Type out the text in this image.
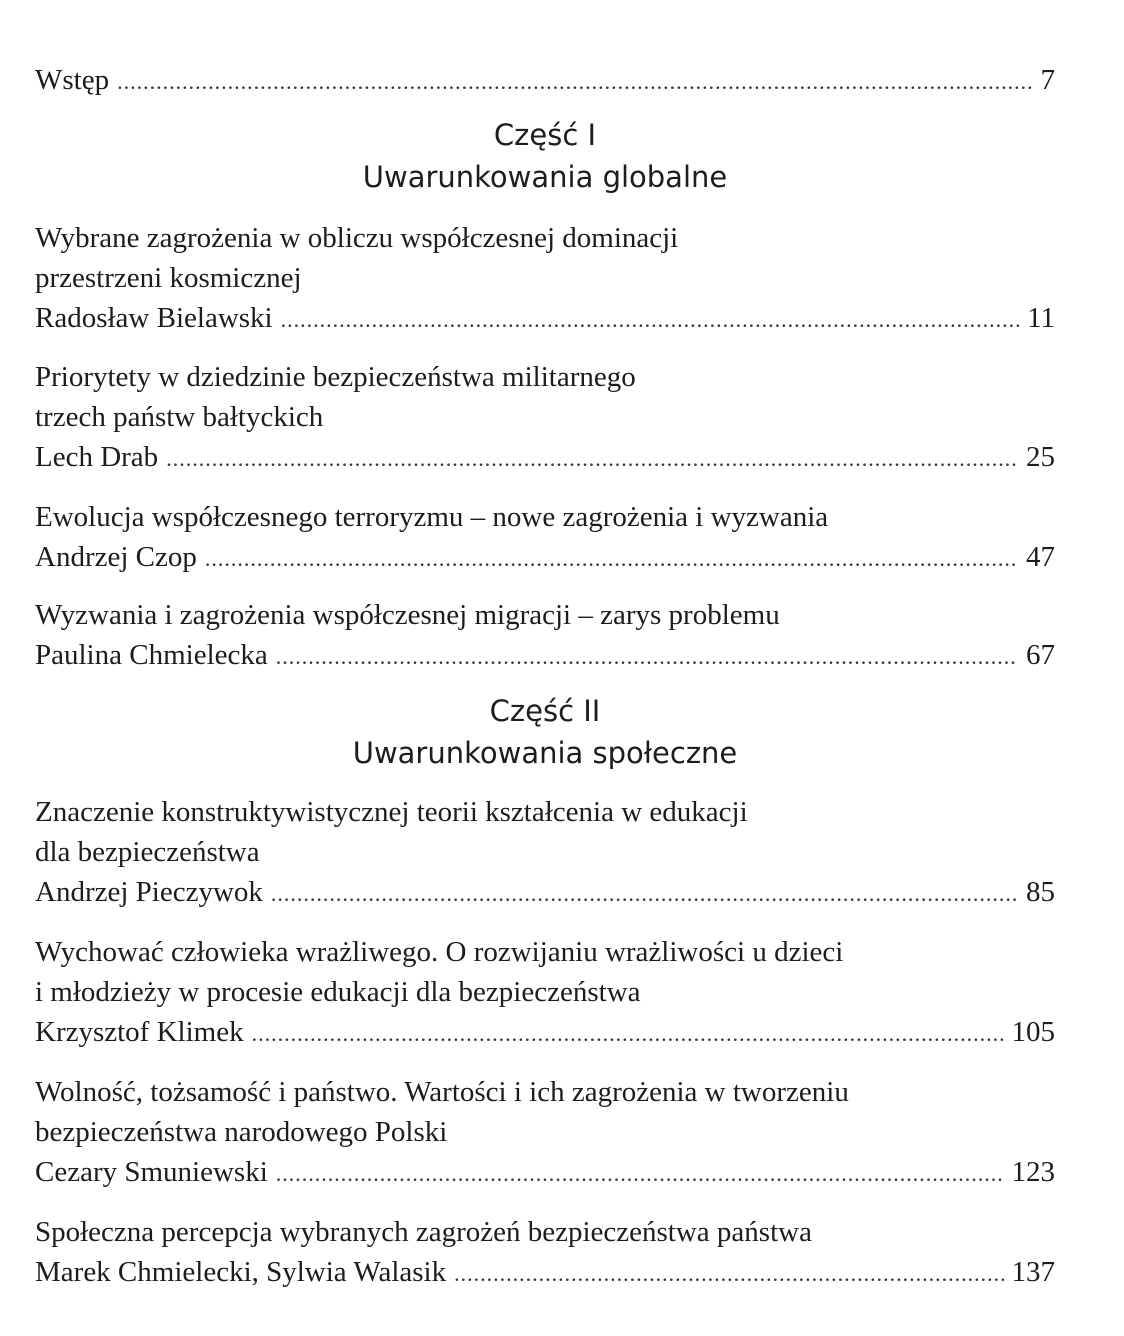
Wstęp .....	7
Część I
Uwarunkowania globalne
Wybrane zagrożenia w obliczu współczesnej dominacji
przestrzeni kosmicznej
Radosław Bielawski .....	11
Priorytety w dziedzinie bezpieczeństwa militarnego
trzech państw bałtyckich
Lech Drab .....	25
Ewolucja współczesnego terroryzmu – nowe zagrożenia i wyzwania
Andrzej Czop .....	47
Wyzwania i zagrożenia współczesnej migracji – zarys problemu
Paulina Chmielecka .....	67
Część II
Uwarunkowania społeczne
Znaczenie konstruktywistycznej teorii kształcenia w edukacji
dla bezpieczeństwa
Andrzej Pieczywok .....	85
Wychować człowieka wrażliwego. O rozwijaniu wrażliwości u dzieci
i młodzieży w procesie edukacji dla bezpieczeństwa
Krzysztof Klimek .....	105
Wolność, tożsamość i państwo. Wartości i ich zagrożenia w tworzeniu
bezpieczeństwa narodowego Polski
Cezary Smuniewski .....	123
Społeczna percepcja wybranych zagrożeń bezpieczeństwa państwa
Marek Chmielecki, Sylwia Walasik .....	137
